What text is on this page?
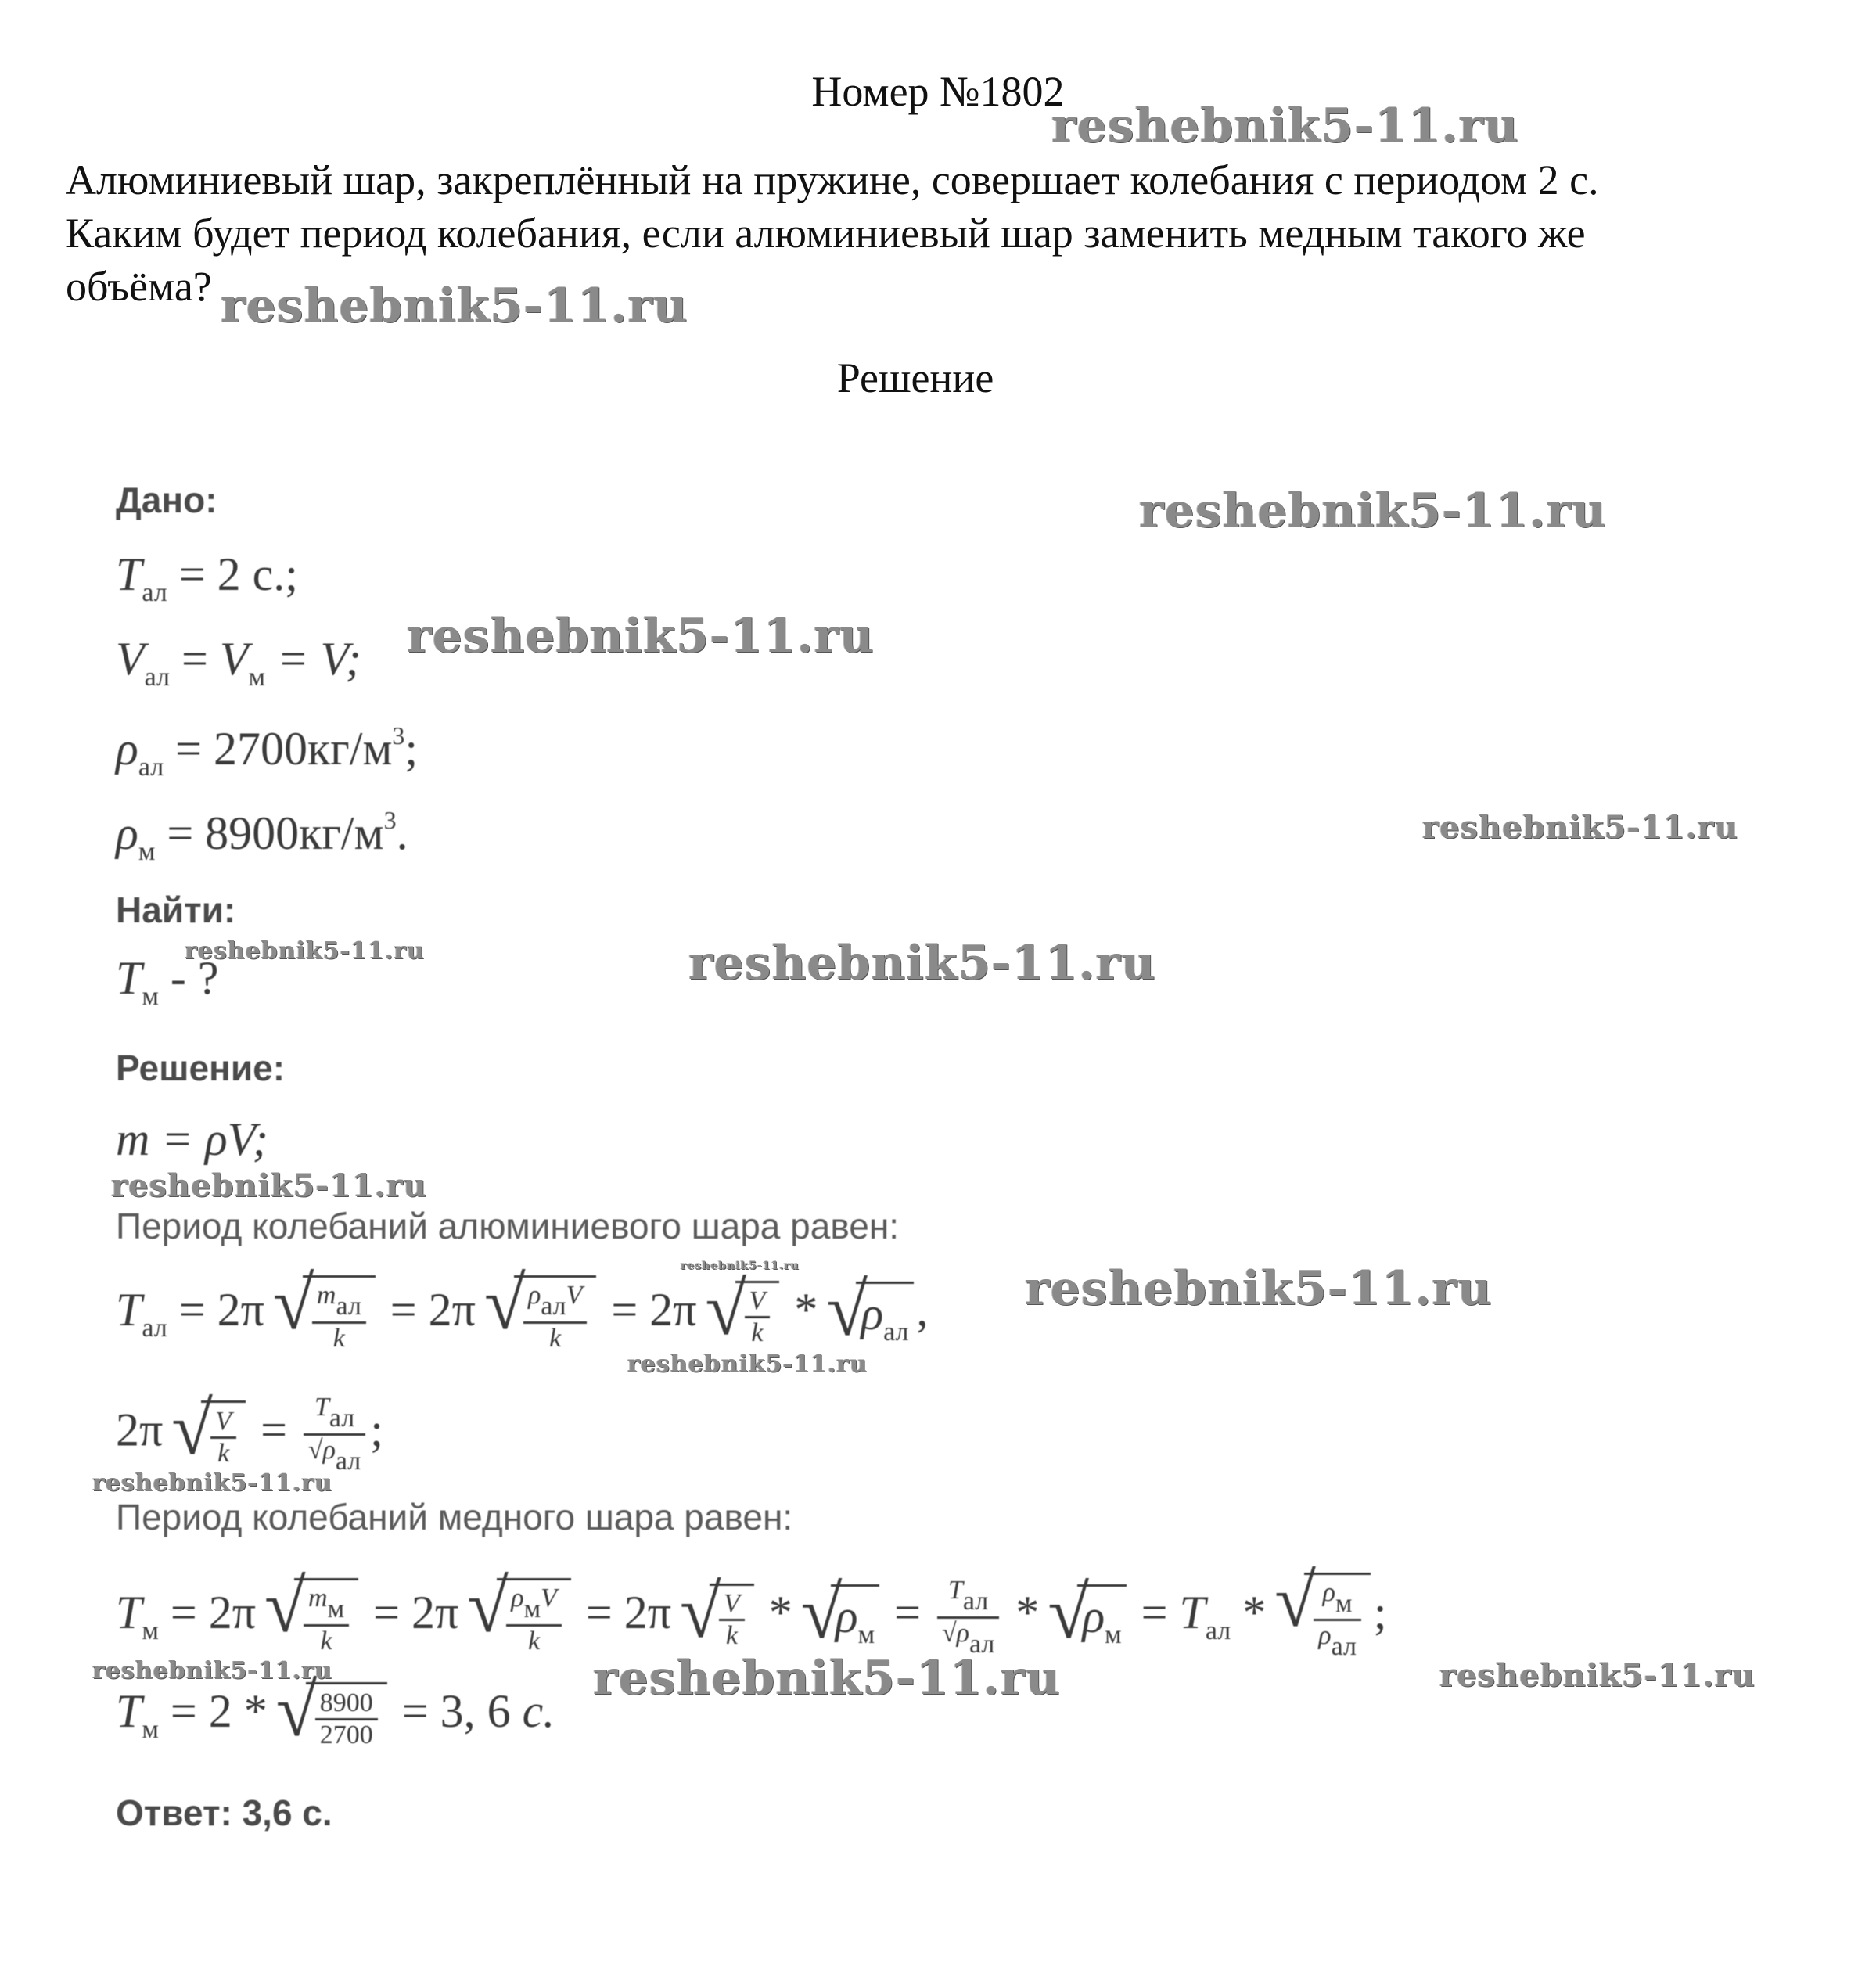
Номер №1802
Алюминиевый шар, закреплённый на пружине, совершает колебания с периодом 2 с.
Каким будет период колебания, если алюминиевый шар заменить медным такого же
объёма?
Решение
Дано:
$T_{ал} = 2$ с.;
$V_{ал} = V_м = V$;
$\rho_{ал} = 2700кг/м^3$;
$\rho_м = 8900кг/м^3$.
Найти:
$T_м$ - ?
Решение:
m = ρV;
Период колебаний алюминиевого шара равен:
$T_{ал} = 2\pi$ √ $\frac{\text{mал}}{k} = 2\pi$ √ $\frac{\text{ρалV}}{k} = 2\pi$ √ $\frac{V}{k}$ * √ $\rho_{ал}$ ,
2π √ $\frac{V}{k} = \frac{\text{Tал}}{\text{√ρал}}$ ;
Период колебаний медного шара равен:
$T_м = 2\pi$ √ $\frac{mм}{k} = 2\pi$ √ $\frac{\text{ρмV}}{k} = 2\pi$ √ $\frac{V}{k}$ * √ $\rho_м = \frac{\text{Tал}}{\text{√ρал}}$ * √ $\rho_м = T_{ал}$ * √ $\frac{\rho м}{\text{ρал}}$ ;
$T_м = 2$ * √ $\frac{8900}{2700} = 3$, 6 с.
Ответ: 3,6 с.
reshebnik5-11.ru
reshebnik5-11.ru
reshebnik5-11.ru
reshebnik5-11.ru
reshebnik5-11.ru
reshebnik5-11.ru	reshebnik5-11.ru
reshebnik5-11.ru
reshebnik5-11.ru	reshebnik5-11.ru
reshebnik5-11.ru
reshebnik5-11.ru
reshebnik5-11.ru	reshebnik5-11.ru	reshebnik5-11.ru
